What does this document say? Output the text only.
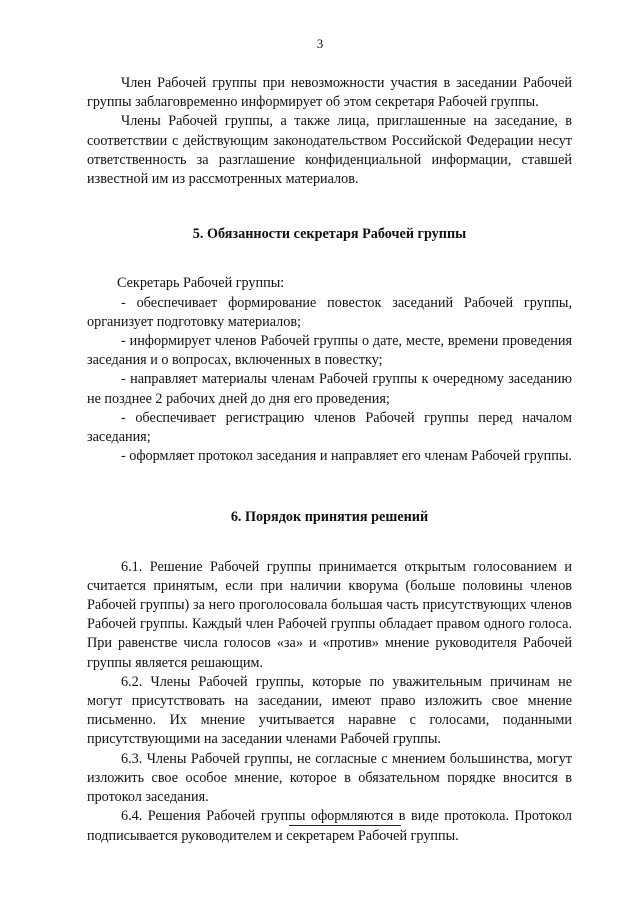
3

Член Рабочей группы при невозможности участия в заседании Рабочей группы заблаговременно информирует об этом секретаря Рабочей группы.

Члены Рабочей группы, а также лица, приглашенные на заседание, в соответствии с действующим законодательством Российской Федерации несут ответственность за разглашение конфиденциальной информации, ставшей известной им из рассмотренных материалов.

5. Обязанности секретаря Рабочей группы

Секретарь Рабочей группы:

- обеспечивает формирование повесток заседаний Рабочей группы, организует подготовку материалов;

- информирует членов Рабочей группы о дате, месте, времени проведения заседания и о вопросах, включенных в повестку;

- направляет материалы членам Рабочей группы к очередному заседанию не позднее 2 рабочих дней до дня его проведения;

- обеспечивает регистрацию членов Рабочей группы перед началом заседания;

- оформляет протокол заседания и направляет его членам Рабочей группы.

6. Порядок принятия решений

6.1. Решение Рабочей группы принимается открытым голосованием и считается принятым, если при наличии кворума (больше половины членов Рабочей группы) за него проголосовала большая часть присутствующих членов Рабочей группы. Каждый член Рабочей группы обладает правом одного голоса. При равенстве числа голосов «за» и «против» мнение руководителя Рабочей группы является решающим.

6.2. Члены Рабочей группы, которые по уважительным причинам не могут присутствовать на заседании, имеют право изложить свое мнение письменно. Их мнение учитывается наравне с голосами, поданными присутствующими на заседании членами Рабочей группы.

6.3. Члены Рабочей группы, не согласные с мнением большинства, могут изложить свое особое мнение, которое в обязательном порядке вносится в протокол заседания.

6.4. Решения Рабочей группы оформляются в виде протокола. Протокол подписывается руководителем и секретарем Рабочей группы.
